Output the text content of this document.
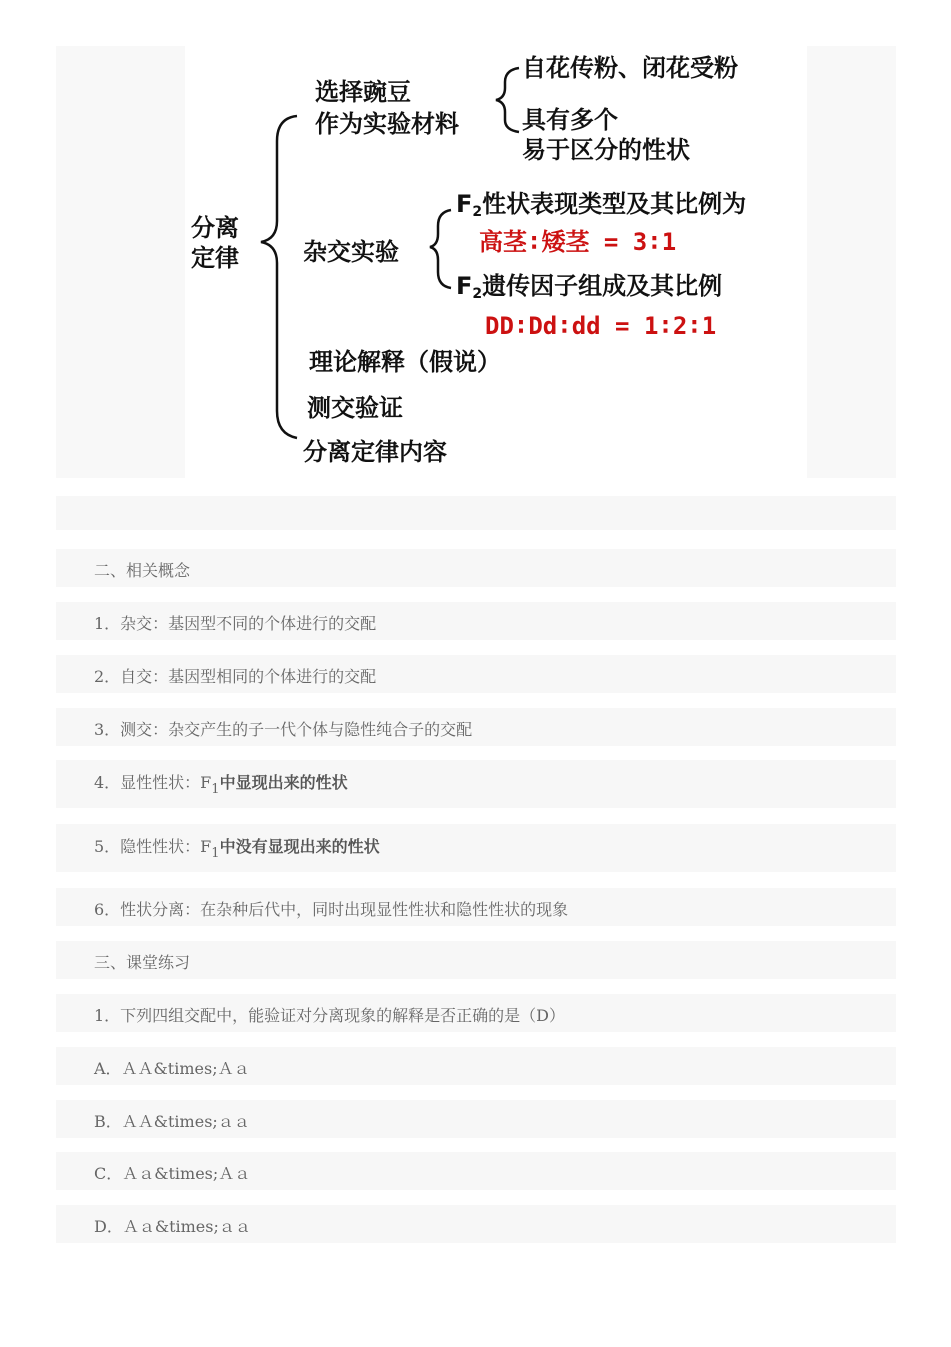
分离
定律
选择豌豆
作为实验材料
自花传粉、闭花受粉
具有多个
易于区分的性状
杂交实验
$F_2$性状表现类型及其比例为
高茎∶矮茎 = 3∶1
$F_2$遗传因子组成及其比例
DD∶Dd∶dd = 1∶2∶1
理论解释（假说）
测交验证
分离定律内容
二、相关概念
1．杂交：基因型不同的个体进行的交配
2．自交：基因型相同的个体进行的交配
3．测交：杂交产生的子一代个体与隐性纯合子的交配
4．显性性状：$F_1$中显现出来的性状
5．隐性性状：$F_1$中没有显现出来的性状
6．性状分离：在杂种后代中，同时出现显性性状和隐性性状的现象
三、课堂练习
1．下列四组交配中，能验证对分离现象的解释是否正确的是（D）
A．ＡＡ&times;Ａａ
B．ＡＡ&times;ａａ
C．Ａａ&times;Ａａ
D．Ａａ&times;ａａ
